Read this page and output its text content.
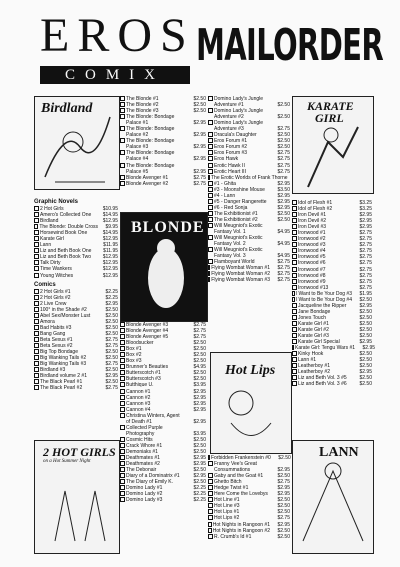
EROS
COMIX
MAILORDER
Birdland
BLONDE
KARATE
GIRL
Hot Lips
2 HOT GIRLS
on a Hot Summer Night
LANN
Graphic Novels
2 Hot Girls	$10.95
Amero's Collected One	$14.95
Birdland	$12.95
The Blonde: Double Cross	$9.95
Horsewind Book One	$14.95
Karate Girl	$12.95
Lann	$11.95
Liz and Beth Book One	$11.95
Liz and Beth Book Two	$12.95
Talk Dirty	$12.95
Time Wankers	$12.95
Young Witches	$12.95
Comics
2 Hot Girls #1	$2.25
2 Hot Girls #2	$2.25
2 Live Crew	$2.95
100° in the Shade #2	$2.50
Abel Sex/Monster Lust	$2.50
Amora	$2.50
Bad Habits #3	$2.50
Bang Gang	$2.50
Beta Sexus #1	$2.75
Beta Sexus #2	$2.75
Big Top Bondage	$2.50
Big Wanking Tails #2	$2.50
Big Wanking Tails #3	$2.75
Birdland #3	$2.50
Birdland volume 2 #1	$2.95
The Black Pearl #1	$2.50
The Black Pearl #2	$2.75
The Blonde #1	$2.50
The Blonde #2	$2.50
The Blonde #3	$2.50
The Blonde: Bondage
Palace #1	$2.95
The Blonde: Bondage
Palace #2	$2.95
The Blonde: Bondage
Palace #3	$2.95
The Blonde: Bondage
Palace #4	$2.95
The Blonde: Bondage
Palace #5	$2.95
Blonde Avenger #1	$2.75
Blonde Avenger #2	$2.75
Blonde Avenger #3	$2.75
Blonde Avenger #4	$2.75
Blonde Avenger #5	$2.75
Bloodsucker	$2.50
Box #1	$2.50
Box #2	$2.50
Box #3	$2.50
Brunner's Beauties	$4.95
Butterscotch #1	$2.50
Butterscotch #3	$2.50
Butthique U.	$3.95
Cannon #1	$2.95
Cannon #2	$2.95
Cannon #3	$2.95
Cannon #4	$2.95
Christina Winters, Agent
of Death #1	$2.95
Collected Purple
Photography	$3.95
Cosmic Hits	$2.50
Crack Whore #1	$2.50
Demoniaks #1	$2.50
Deathmates #1	$2.95
Deathmates #2	$2.95
The Debonair	$2.50
Diary of a Dominatrix #1	$2.95
The Diary of Emily K.	$2.50
Domino Lady #1	$2.25
Domino Lady #2	$2.25
Domino Lady #3	$2.25
Domino Lady's Jungle
Adventure #1	$2.50
Domino Lady's Jungle
Adventure #2	$2.50
Domino Lady's Jungle
Adventure #3	$2.75
Dracula's Daughter	$2.50
Eros Forum #1	$2.50
Eros Forum #2	$2.50
Eros Forum #3	$2.75
Eros Hawk	$2.75
Erotic Hawk II	$2.75
Erotic Heart III	$2.75
The Erotic Worlds of Frank Thorne
#1 - Ghita	$2.95
#3 - Moonshine Mouse	$3.50
#4 - Lann	$2.95
#5 - Danger Rangerette	$2.95
#6 - Red Sonja	$2.95
The Exhibitionist #1	$2.50
The Exhibitionist #2	$2.50
Will Meugniot's Exotic
Fantasy Vol. 1	$4.95
Will Meugniot's Exotic
Fantasy Vol. 2	$4.95
Will Meugniot's Exotic
Fantasy Vol. 3	$4.95
Flamboyant World	$2.75
Flying Wombat Woman #1	$2.75
Flying Wombat Woman #2	$2.75
Flying Wombat Woman #3	$2.75
Forbidden Frankenstein #0	$2.50
Franny Vee's Great
Consummations	$2.95
Gaby and the Goat #1	$2.50
Ghetto Bitch	$2.75
Hedge Twist #1	$2.95
Here Come the Lovebys	$2.95
Hot Line #1	$2.50
Hot Line #3	$2.50
Hot Lips #1	$2.50
Hot Lips #2	$2.75
Hot Nights in Rangoon #1	$2.95
Hot Nights in Rangoon #2	$2.50
R. Crumb's Id #1	$2.50
Idol of Flesh #1	$3.25
Idol of Flesh #2	$3.25
Iron Devil #1	$2.95
Iron Devil #2	$2.95
Iron Devil #3	$2.95
Ironwood #1	$2.75
Ironwood #2	$2.75
Ironwood #3	$2.75
Ironwood #4	$2.75
Ironwood #5	$2.75
Ironwood #6	$2.75
Ironwood #7	$2.75
Ironwood #8	$2.75
Ironwood #9	$2.75
Ironwood #13	$2.75
I Want to Be Your Dog #3	$1.95
I Want to Be Your Dog #4	$2.50
Jacqueline the Ripper	$2.95
Jane Bondage	$2.50
Jones Touch	$2.50
Karate Girl #1	$2.50
Karate Girl #2	$2.50
Karate Girl #3	$2.50
Karate Girl Special	$2.95
Karate Girl: Tengu Wars #1	$2.95
Kinky Hook	$2.50
Lann #1	$2.50
Leatherboy #1	$2.50
Leatherboy #2	$2.95
Liz and Beth Vol. 3 #5	$2.50
Liz and Beth Vol. 3 #6	$2.50
